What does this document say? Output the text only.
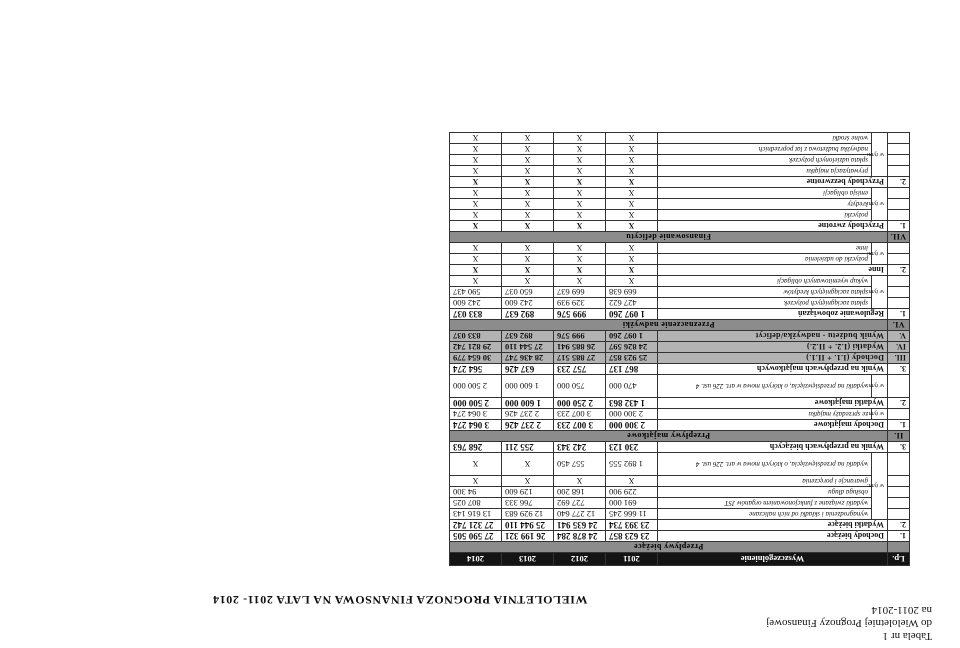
Tabela nr 1
do Wieloletniej Prognozy Finansowej
na 2011-2014
WIELOLETNIA PROGNOZA FINANSOWA NA LATA 2011- 2014
Lp.	Wyszczególnienie		2011	2012	2013	2014
	Przepływy bieżące					
1.	Dochody bieżące		23 623 857	24 878 284	26 199 321	27 590 505
2.	Wydatki bieżące		23 393 734	24 635 941	25 944 110	27 321 742
	w tym:	wynagrodzenia i składki od nich naliczane	11 666 245	12 277 640	12 929 683	13 616 143
		wydatki związane z funkcjonowaniem organów JST	691 000	727 692	766 333	807 025
		obsługa długu	229 900	168 200	129 600	94 300
		gwarancje i poręczenia	X	X	X	X
		wydatki na przedsięwzięcia, o których mowa w art. 226 ust. 4	1 892 555	557 450	X	X
3.	Wynik na przepływach bieżących		230 123	242 343	255 211	268 763
II.	Przepływy majątkowe					
1.	Dochody majątkowe		2 300 000	3 007 233	2 237 426	3 064 274
	w tym:	ze sprzedaży majątku	2 300 000	3 007 233	2 237 426	3 064 274
2.	Wydatki majątkowe		1 432 863	2 250 000	1 600 000	2 500 000
	w tym:	wydatki na przedsięwzięcia, o których mowa w art. 226 ust. 4	470 000	750 000	1 600 000	2 500 000
3.	Wynik na przepływach majątkowych		867 137	757 233	637 426	564 274
III.	Dochody (I.1. + II.1.)		25 923 857	27 885 517	28 436 747	30 654 779
IV.	Wydatki (I.2. + II.2.)		24 826 597	26 885 941	27 544 110	29 821 742
V.	Wynik budżetu - nadwyżka/deficyt		1 097 260	999 576	892 637	833 037
VI.	Przeznaczenie nadwyżki					
1.	Regulowanie zobowiązań		1 097 260	999 576	892 637	833 037
	w tym:	spłata zaciągniętych pożyczek	427 622	329 939	242 600	242 600
		spłata zaciągniętych kredytów	669 638	669 637	650 037	590 437
		wykup wyemitowanych obligacji	X	X	X	X
2.	Inne		X	X	X	X
	w tym:	pożyczki do udzielenia	X	X	X	X
		inne	X	X	X	X
VII.	Finansowanie deficytu					
1.	Przychody zwrotne		X	X	X	X
	w tym:	pożyczki	X	X	X	X
		kredyty	X	X	X	X
		emisja obligacji	X	X	X	X
2.	Przychody bezzwrotne		X	X	X	X
	w tym:	prywatyzacja majątku	X	X	X	X
		spłata udzielonych pożyczek	X	X	X	X
		nadwyżka budżetowa z lat poprzednich	X	X	X	X
		wolne środki	X	X	X	X
